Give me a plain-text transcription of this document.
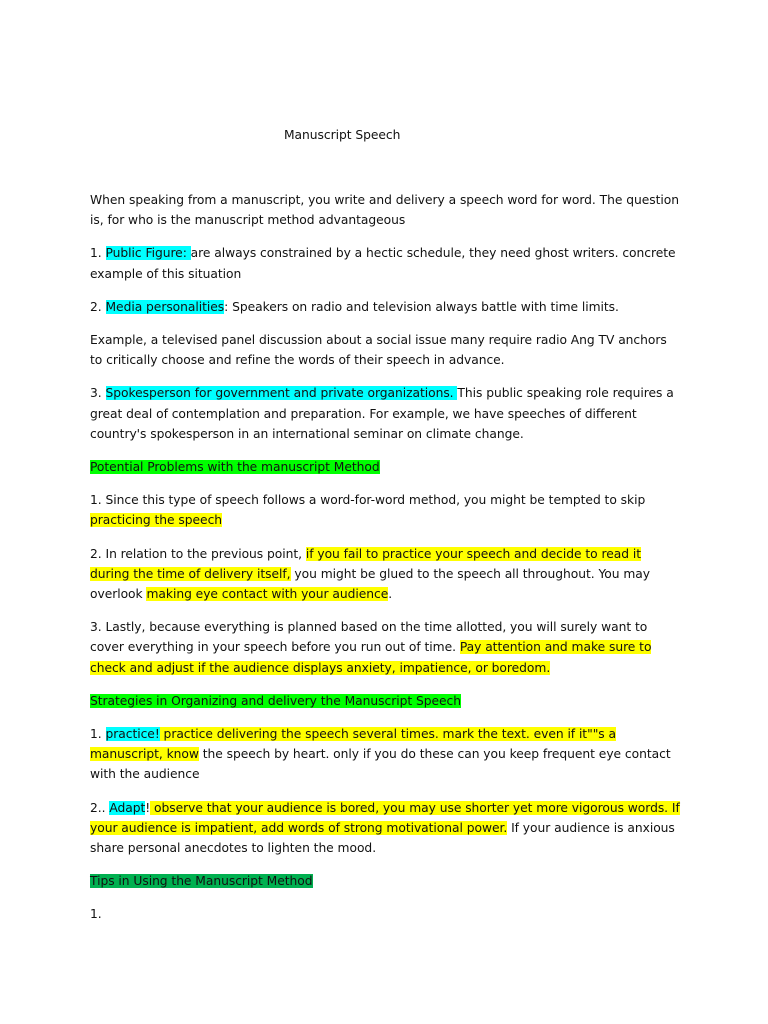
Manuscript Speech

When speaking from a manuscript, you write and delivery a speech word for word. The question is, for who is the manuscript method advantageous

1. Public Figure: are always constrained by a hectic schedule, they need ghost writers. concrete example of this situation

2. Media personalities: Speakers on radio and television always battle with time limits.

Example, a televised panel discussion about a social issue many require radio Ang TV anchors to critically choose and refine the words of their speech in advance.

3. Spokesperson for government and private organizations. This public speaking role requires a great deal of contemplation and preparation. For example, we have speeches of different country's spokesperson in an international seminar on climate change.

Potential Problems with the manuscript Method

1. Since this type of speech follows a word-for-word method, you might be tempted to skip practicing the speech

2. In relation to the previous point, if you fail to practice your speech and decide to read it during the time of delivery itself, you might be glued to the speech all throughout. You may overlook making eye contact with your audience.

3. Lastly, because everything is planned based on the time allotted, you will surely want to cover everything in your speech before you run out of time. Pay attention and make sure to check and adjust if the audience displays anxiety, impatience, or boredom.

Strategies in Organizing and delivery the Manuscript Speech

1. practice! practice delivering the speech several times. mark the text. even if it""s a manuscript, know the speech by heart. only if you do these can you keep frequent eye contact with the audience

2.. Adapt! observe that your audience is bored, you may use shorter yet more vigorous words. If your audience is impatient, add words of strong motivational power. If your audience is anxious share personal anecdotes to lighten the mood.

Tips in Using the Manuscript Method

1.
